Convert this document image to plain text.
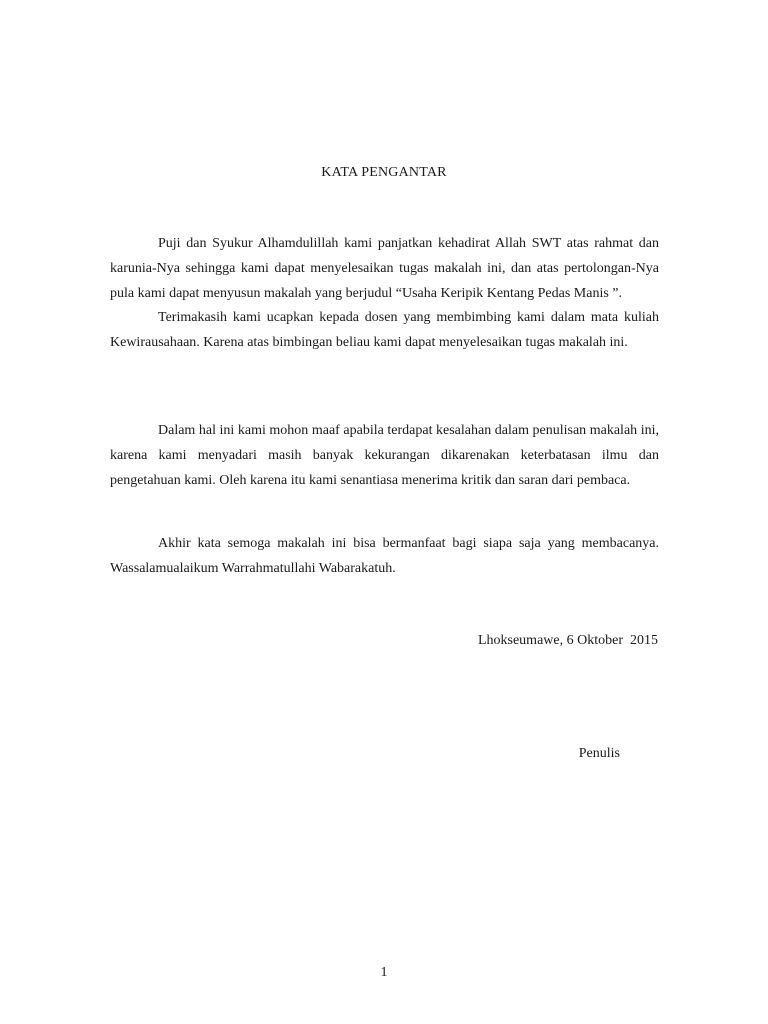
KATA PENGANTAR

Puji dan Syukur Alhamdulillah kami panjatkan kehadirat Allah SWT atas rahmat dan karunia-Nya sehingga kami dapat menyelesaikan tugas makalah ini, dan atas pertolongan-Nya pula kami dapat menyusun makalah yang berjudul “Usaha Keripik Kentang Pedas Manis ”.

Terimakasih kami ucapkan kepada dosen yang membimbing kami dalam mata kuliah Kewirausahaan. Karena atas bimbingan beliau kami dapat menyelesaikan tugas makalah ini.

Dalam hal ini kami mohon maaf apabila terdapat kesalahan dalam penulisan makalah ini, karena kami menyadari masih banyak kekurangan dikarenakan keterbatasan ilmu dan pengetahuan kami. Oleh karena itu kami senantiasa menerima kritik dan saran dari pembaca.

Akhir kata semoga makalah ini bisa bermanfaat bagi siapa saja yang membacanya. Wassalamualaikum Warrahmatullahi Wabarakatuh.

Lhokseumawe, 6 Oktober  2015
Penulis
1
